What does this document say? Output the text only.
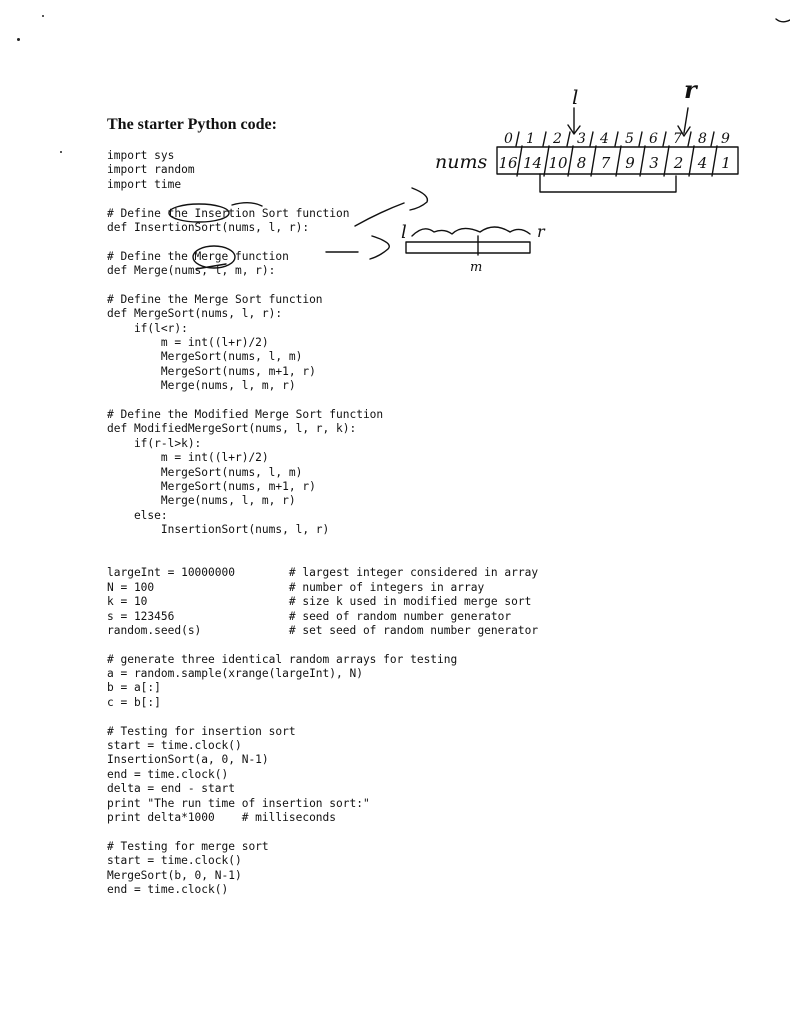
The starter Python code:
import sys
import random
import time
# Define the Insertion Sort function
def InsertionSort(nums, l, r):
# Define the Merge function
def Merge(nums, l, m, r):
# Define the Merge Sort function
def MergeSort(nums, l, r):
if(l<r):
m = int((l+r)/2)
MergeSort(nums, l, m)
MergeSort(nums, m+1, r)
Merge(nums, l, m, r)
# Define the Modified Merge Sort function
def ModifiedMergeSort(nums, l, r, k):
if(r-l>k):
m = int((l+r)/2)
MergeSort(nums, l, m)
MergeSort(nums, m+1, r)
Merge(nums, l, m, r)
else:
InsertionSort(nums, l, r)
largeInt = 10000000        # largest integer considered in array
N = 100                    # number of integers in array
k = 10                     # size k used in modified merge sort
s = 123456                 # seed of random number generator
random.seed(s)             # set seed of random number generator
# generate three identical random arrays for testing
a = random.sample(xrange(largeInt), N)
b = a[:]
c = b[:]
# Testing for insertion sort
start = time.clock()
InsertionSort(a, 0, N-1)
end = time.clock()
delta = end - start
print "The run time of insertion sort:"
print delta*1000    # milliseconds
# Testing for merge sort
start = time.clock()
MergeSort(b, 0, N-1)
end = time.clock()
l	r
0 1 2 3 4 5 6 7 8 9
nums 16 14 10 8 7 9 3 2 4 1
l	r
m
